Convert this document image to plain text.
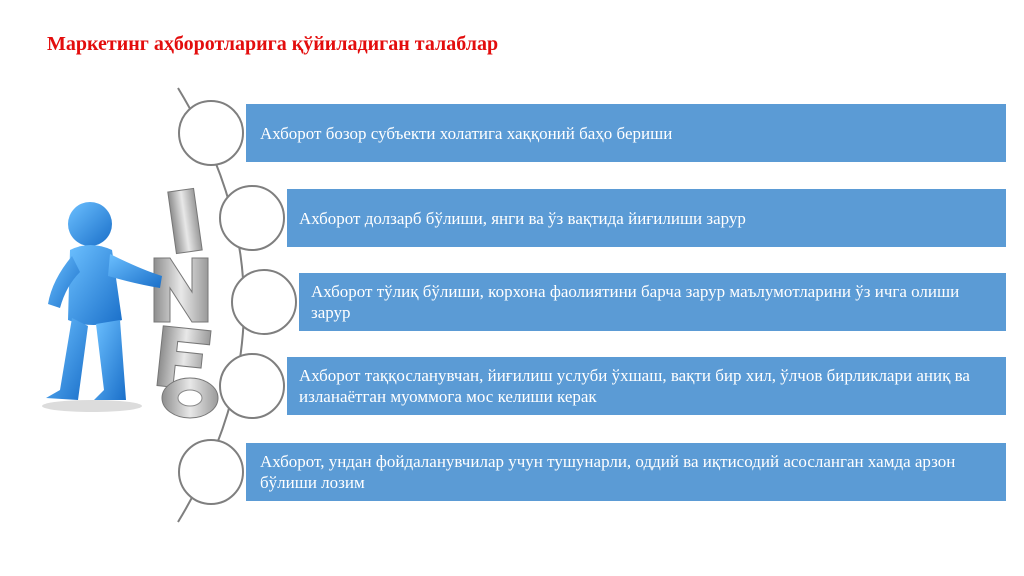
Маркетинг аҳборотларига қўйиладиган талаблар
Ахборот бозор субъекти холатига хаққоний баҳо бериши
Ахборот долзарб бўлиши, янги ва ўз вақтида йиғилиши зарур
Ахборот тўлиқ бўлиши, корхона фаолиятини барча зарур маълумотларини ўз ичга олиши зарур
Ахборот таққосланувчан, йиғилиш услуби ўхшаш, вақти бир хил, ўлчов бирликлари аниқ ва изланаётган муоммога мос келиши керак
Ахборот, ундан фойдаланувчилар учун тушунарли, оддий ва иқтисодий асосланган хамда арзон бўлиши лозим
